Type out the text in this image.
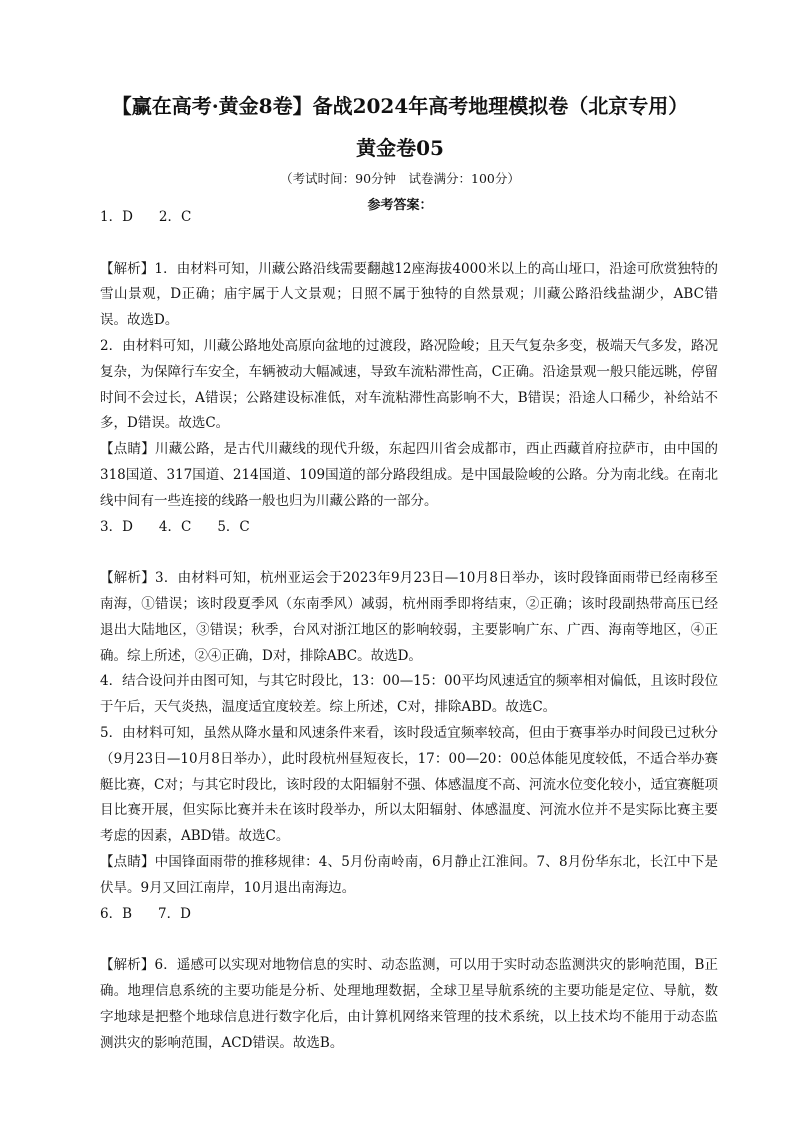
【赢在高考·黄金8卷】备战2024年高考地理模拟卷（北京专用）
黄金卷05
（考试时间：90分钟　试卷满分：100分）
参考答案：

1．D 2．C

【解析】1．由材料可知，川藏公路沿线需要翻越12座海拔4000米以上的高山垭口，沿途可欣赏独特的雪山景观，D正确；庙宇属于人文景观；日照不属于独特的自然景观；川藏公路沿线盐湖少，ABC错误。故选D。

2．由材料可知，川藏公路地处高原向盆地的过渡段，路况险峻；且天气复杂多变，极端天气多发，路况复杂，为保障行车安全，车辆被动大幅减速，导致车流粘滞性高，C正确。沿途景观一般只能远眺，停留时间不会过长，A错误；公路建设标准低，对车流粘滞性高影响不大，B错误；沿途人口稀少，补给站不多，D错误。故选C。

【点睛】川藏公路，是古代川藏线的现代升级，东起四川省会成都市，西止西藏首府拉萨市，由中国的318国道、317国道、214国道、109国道的部分路段组成。是中国最险峻的公路。分为南北线。在南北线中间有一些连接的线路一般也归为川藏公路的一部分。

3．D 4．C 5．C

【解析】3．由材料可知，杭州亚运会于2023年9月23日—10月8日举办，该时段锋面雨带已经南移至南海，①错误；该时段夏季风（东南季风）减弱，杭州雨季即将结束，②正确；该时段副热带高压已经退出大陆地区，③错误；秋季，台风对浙江地区的影响较弱，主要影响广东、广西、海南等地区，④正确。综上所述，②④正确，D对，排除ABC。故选D。

4．结合设问并由图可知，与其它时段比，13：00—15：00平均风速适宜的频率相对偏低，且该时段位于午后，天气炎热，温度适宜度较差。综上所述，C对，排除ABD。故选C。

5．由材料可知，虽然从降水量和风速条件来看，该时段适宜频率较高，但由于赛事举办时间段已过秋分（9月23日—10月8日举办），此时段杭州昼短夜长，17：00—20：00总体能见度较低，不适合举办赛艇比赛，C对；与其它时段比，该时段的太阳辐射不强、体感温度不高、河流水位变化较小，适宜赛艇项目比赛开展，但实际比赛并未在该时段举办，所以太阳辐射、体感温度、河流水位并不是实际比赛主要考虑的因素，ABD错。故选C。

【点睛】中国锋面雨带的推移规律：4、5月份南岭南，6月静止江淮间。7、8月份华东北，长江中下是伏旱。9月又回江南岸，10月退出南海边。

6．B 7．D

【解析】6．遥感可以实现对地物信息的实时、动态监测，可以用于实时动态监测洪灾的影响范围，B正确。地理信息系统的主要功能是分析、处理地理数据，全球卫星导航系统的主要功能是定位、导航，数字地球是把整个地球信息进行数字化后，由计算机网络来管理的技术系统，以上技术均不能用于动态监测洪灾的影响范围，ACD错误。故选B。
